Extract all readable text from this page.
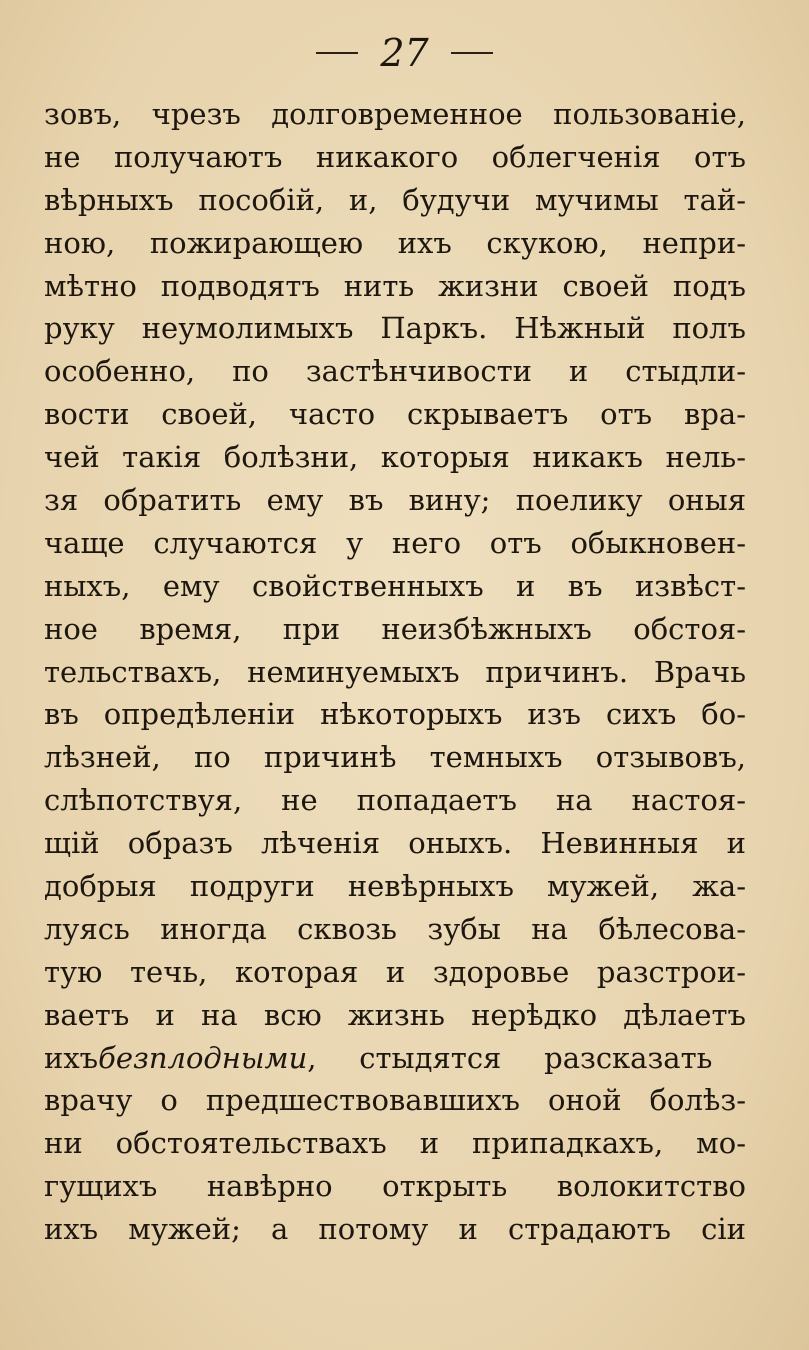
27
зовъ, чрезъ долговременное пользованіе,
не получаютъ никакого облегченія отъ
вѣрныхъ пособій, и, будучи мучимы тай-
ною, пожирающею ихъ скукою, непри-
мѣтно подводятъ нить жизни своей подъ
руку неумолимыхъ Паркъ. Нѣжный полъ
особенно, по застѣнчивости и стыдли-
вости своей, часто скрываетъ отъ вра-
чей такія болѣзни, которыя никакъ нель-
зя обратить ему въ вину; поелику оныя
чаще случаются у него отъ обыкновен-
ныхъ, ему свойственныхъ и въ извѣст-
ное время, при неизбѣжныхъ обстоя-
тельствахъ, неминуемыхъ причинъ. Врачь
въ опредѣленіи нѣкоторыхъ изъ сихъ бо-
лѣзней, по причинѣ темныхъ отзывовъ,
слѣпотствуя, не попадаетъ на настоя-
щій образъ лѣченія оныхъ. Невинныя и
добрыя подруги невѣрныхъ мужей, жа-
луясь иногда сквозь зубы на бѣлесова-
тую течь, которая и здоровье разстрои-
ваетъ и на всю жизнь нерѣдко дѣлаетъ
ихъбезплодными, стыдятся разсказать
врачу о предшествовавшихъ оной болѣз-
ни обстоятельствахъ и припадкахъ, мо-
гущихъ навѣрно открыть волокитство
ихъ мужей; а потому и страдаютъ сіи
